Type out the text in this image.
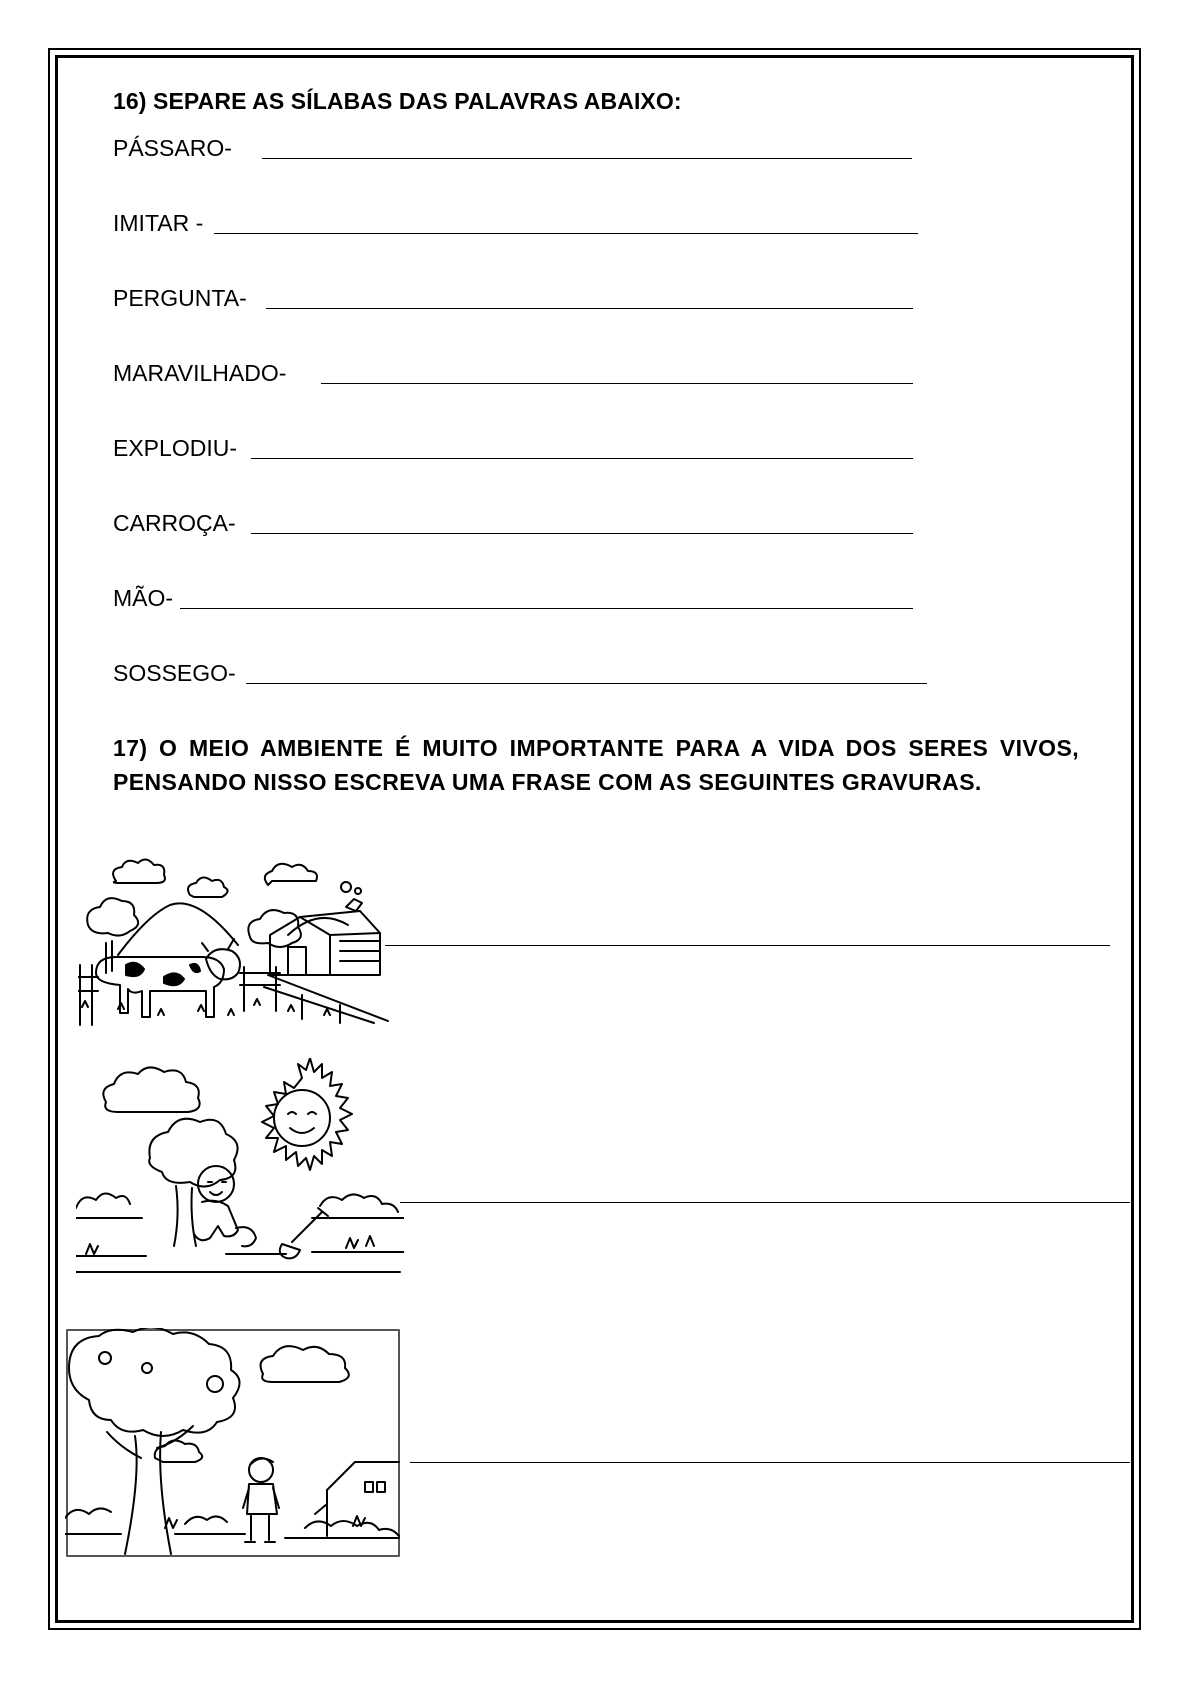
16) SEPARE AS SÍLABAS DAS PALAVRAS ABAIXO:
PÁSSARO-
IMITAR -
PERGUNTA-
MARAVILHADO-
EXPLODIU-
CARROÇA-
MÃO-
SOSSEGO-
17) O MEIO AMBIENTE É MUITO IMPORTANTE PARA A VIDA DOS SERES VIVOS, PENSANDO NISSO ESCREVA UMA FRASE COM AS SEGUINTES GRAVURAS.
